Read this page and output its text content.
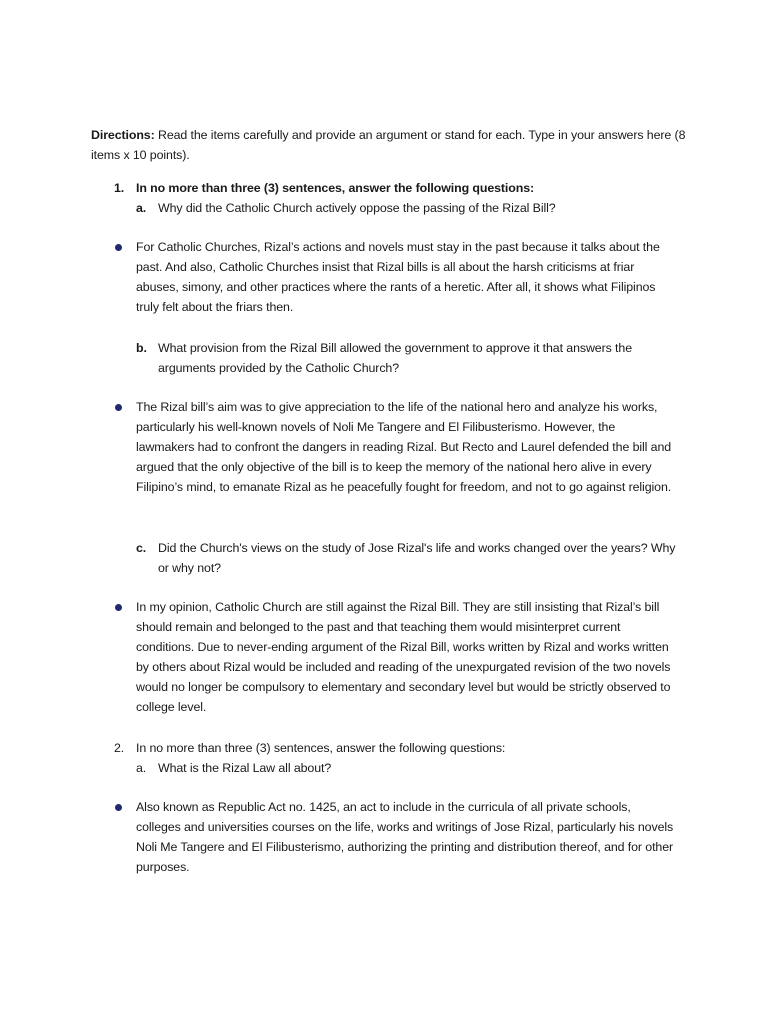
Directions: Read the items carefully and provide an argument or stand for each. Type in your answers here (8 items x 10 points).
1. In no more than three (3) sentences, answer the following questions:
a. Why did the Catholic Church actively oppose the passing of the Rizal Bill?
For Catholic Churches, Rizal’s actions and novels must stay in the past because it talks about the past. And also, Catholic Churches insist that Rizal bills is all about the harsh criticisms at friar abuses, simony, and other practices where the rants of a heretic. After all, it shows what Filipinos truly felt about the friars then.
b. What provision from the Rizal Bill allowed the government to approve it that answers the arguments provided by the Catholic Church?
The Rizal bill’s aim was to give appreciation to the life of the national hero and analyze his works, particularly his well-known novels of Noli Me Tangere and El Filibusterismo. However, the lawmakers had to confront the dangers in reading Rizal. But Recto and Laurel defended the bill and argued that the only objective of the bill is to keep the memory of the national hero alive in every Filipino’s mind, to emanate Rizal as he peacefully fought for freedom, and not to go against religion.
c. Did the Church's views on the study of Jose Rizal's life and works changed over the years? Why or why not?
In my opinion, Catholic Church are still against the Rizal Bill. They are still insisting that Rizal’s bill should remain and belonged to the past and that teaching them would misinterpret current conditions. Due to never-ending argument of the Rizal Bill, works written by Rizal and works written by others about Rizal would be included and reading of the unexpurgated revision of the two novels would no longer be compulsory to elementary and secondary level but would be strictly observed to college level.
2. In no more than three (3) sentences, answer the following questions:
a. What is the Rizal Law all about?
Also known as Republic Act no. 1425, an act to include in the curricula of all private schools, colleges and universities courses on the life, works and writings of Jose Rizal, particularly his novels Noli Me Tangere and El Filibusterismo, authorizing the printing and distribution thereof, and for other purposes.
